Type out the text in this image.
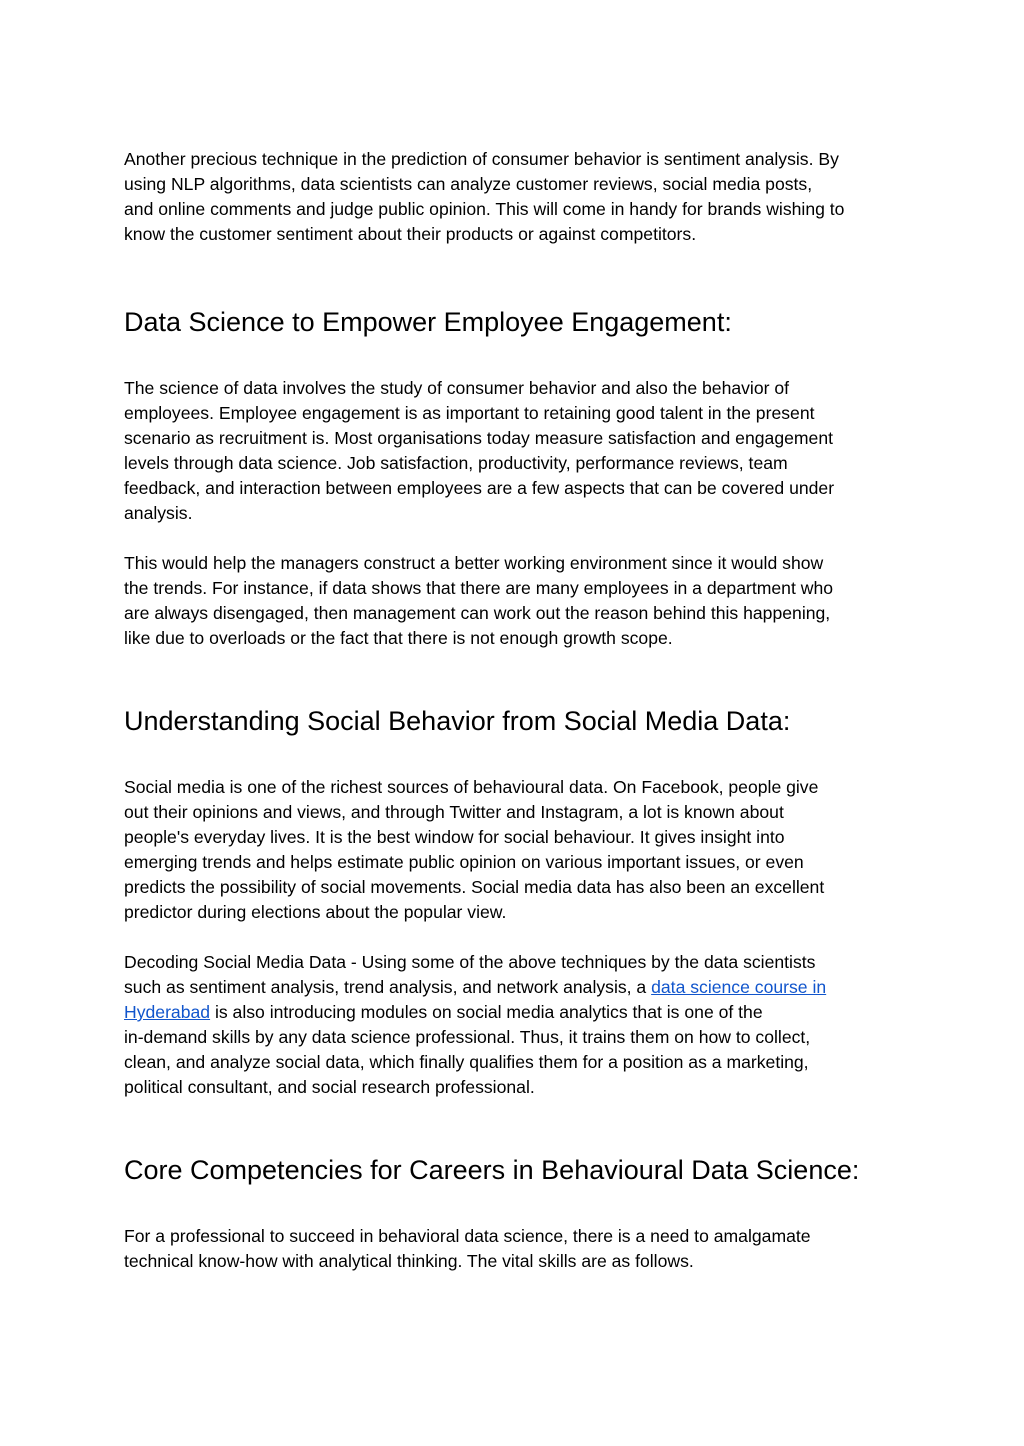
Another precious technique in the prediction of consumer behavior is sentiment analysis. By
using NLP algorithms, data scientists can analyze customer reviews, social media posts,
and online comments and judge public opinion. This will come in handy for brands wishing to
know the customer sentiment about their products or against competitors.

Data Science to Empower Employee Engagement:

The science of data involves the study of consumer behavior and also the behavior of
employees. Employee engagement is as important to retaining good talent in the present
scenario as recruitment is. Most organisations today measure satisfaction and engagement
levels through data science. Job satisfaction, productivity, performance reviews, team
feedback, and interaction between employees are a few aspects that can be covered under
analysis.

This would help the managers construct a better working environment since it would show
the trends. For instance, if data shows that there are many employees in a department who
are always disengaged, then management can work out the reason behind this happening,
like due to overloads or the fact that there is not enough growth scope.

Understanding Social Behavior from Social Media Data:

Social media is one of the richest sources of behavioural data. On Facebook, people give
out their opinions and views, and through Twitter and Instagram, a lot is known about
people's everyday lives. It is the best window for social behaviour. It gives insight into
emerging trends and helps estimate public opinion on various important issues, or even
predicts the possibility of social movements. Social media data has also been an excellent
predictor during elections about the popular view.

Decoding Social Media Data - Using some of the above techniques by the data scientists
such as sentiment analysis, trend analysis, and network analysis, a data science course in
Hyderabad is also introducing modules on social media analytics that is one of the
in-demand skills by any data science professional. Thus, it trains them on how to collect,
clean, and analyze social data, which finally qualifies them for a position as a marketing,
political consultant, and social research professional.

Core Competencies for Careers in Behavioural Data Science:

For a professional to succeed in behavioral data science, there is a need to amalgamate
technical know-how with analytical thinking. The vital skills are as follows.
